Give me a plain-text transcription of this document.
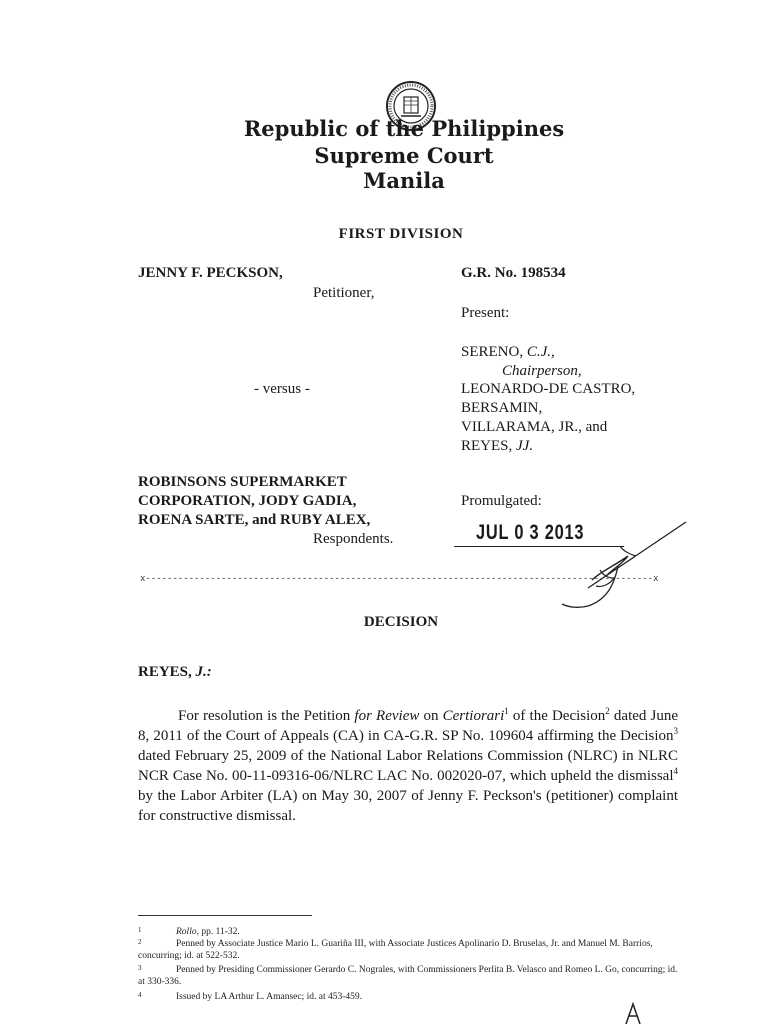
Republic of the Philippines
Supreme Court
Manila
FIRST DIVISION
JENNY F. PECKSON,
Petitioner,
- versus -
ROBINSONS SUPERMARKET
CORPORATION, JODY GADIA,
ROENA SARTE, and RUBY ALEX,
Respondents.
G.R. No. 198534
Present:
SERENO, C.J.,
Chairperson,
LEONARDO-DE CASTRO,
BERSAMIN,
VILLARAMA, JR., and
REYES, JJ.
Promulgated:
JUL 0 3 2013
x----------------------------------------------------------------------------------------------x
DECISION
REYES, J.:
For resolution is the Petition for Review on Certiorari$^1$ of the Decision$^2$ dated June 8, 2011 of the Court of Appeals (CA) in CA-G.R. SP No. 109604 affirming the Decision$^3$ dated February 25, 2009 of the National Labor Relations Commission (NLRC) in NLRC NCR Case No. 00-11-09316-06/NLRC LAC No. 002020-07, which upheld the dismissal$^4$ by the Labor Arbiter (LA) on May 30, 2007 of Jenny F. Peckson's (petitioner) complaint for constructive dismissal.
1	Rollo, pp. 11-32.
2	Penned by Associate Justice Mario L. Guariña III, with Associate Justices Apolinario D. Bruselas, Jr. and Manuel M. Barrios, concurring; id. at 522-532.
3	Penned by Presiding Commissioner Gerardo C. Nograles, with Commissioners Perlita B. Velasco and Romeo L. Go, concurring; id. at 330-336.
4	Issued by LA Arthur L. Amansec; id. at 453-459.
